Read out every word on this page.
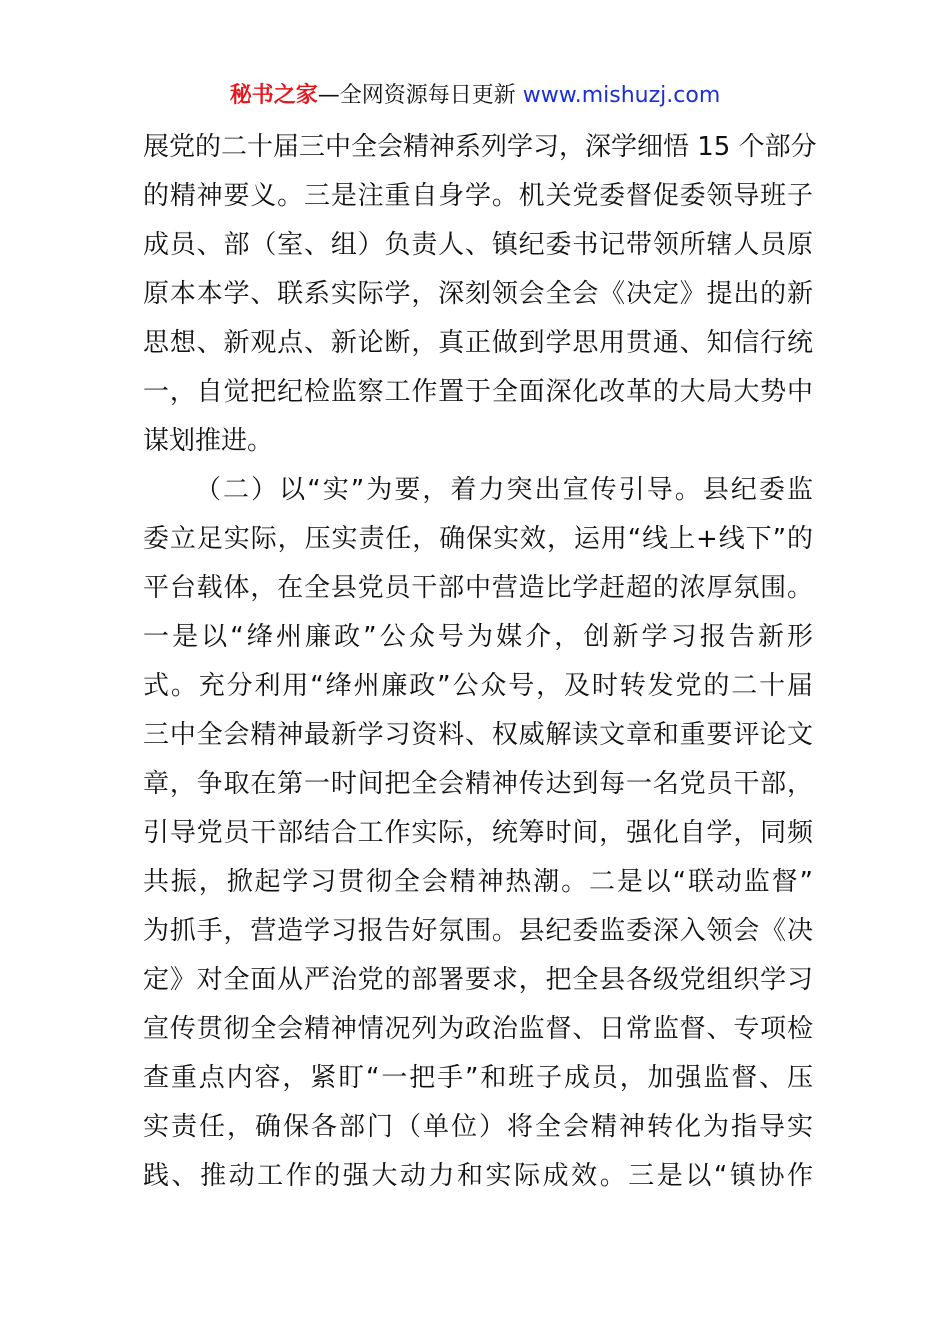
秘书之家—全网资源每日更新 www.mishuzj.com
展党的二十届三中全会精神系列学习，深学细悟 15 个部分
的精神要义。三是注重自身学。机关党委督促委领导班子
成员、部（室、组）负责人、镇纪委书记带领所辖人员原
原本本学、联系实际学，深刻领会全会《决定》提出的新
思想、新观点、新论断，真正做到学思用贯通、知信行统
一，自觉把纪检监察工作置于全面深化改革的大局大势中
谋划推进。
（二）以“实”为要，着力突出宣传引导。县纪委监
委立足实际，压实责任，确保实效，运用“线上+线下”的
平台载体，在全县党员干部中营造比学赶超的浓厚氛围。
一是以“绛州廉政”公众号为媒介，创新学习报告新形
式。充分利用“绛州廉政”公众号，及时转发党的二十届
三中全会精神最新学习资料、权威解读文章和重要评论文
章，争取在第一时间把全会精神传达到每一名党员干部，
引导党员干部结合工作实际，统筹时间，强化自学，同频
共振，掀起学习贯彻全会精神热潮。二是以“联动监督”
为抓手，营造学习报告好氛围。县纪委监委深入领会《决
定》对全面从严治党的部署要求，把全县各级党组织学习
宣传贯彻全会精神情况列为政治监督、日常监督、专项检
查重点内容，紧盯“一把手”和班子成员，加强监督、压
实责任，确保各部门（单位）将全会精神转化为指导实
践、推动工作的强大动力和实际成效。三是以“镇协作
